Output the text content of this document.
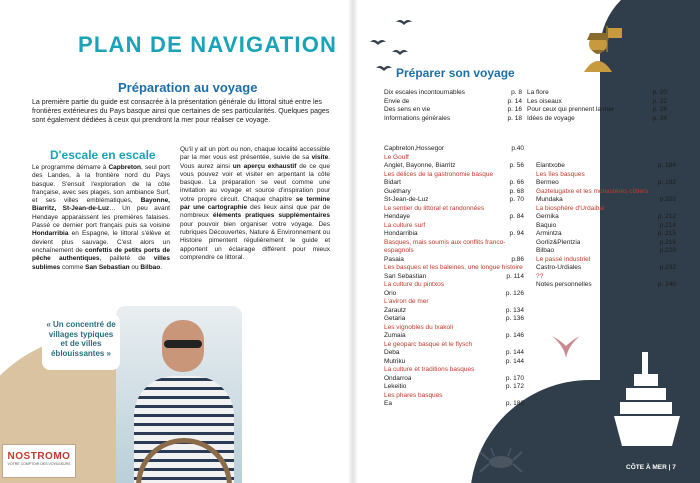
PLAN DE NAVIGATION
Préparation au voyage

La première partie du guide est consacrée à la présentation générale du littoral situé entre les frontières extérieures du Pays basque ainsi que certaines de ses particularités. Quelques pages sont également dédiées à ceux qui prendront la mer pour réaliser ce voyage.

D'escale en escale

Le programme démarre à Capbreton, seul port des Landes, à la frontière nord du Pays basque. S'ensuit l'exploration de la côte française, avec ses plages, son ambiance Surf, et ses villes emblématiques, Bayonne, Biarritz, St-Jean-de-Luz… Un peu avant Hendaye apparaissent les premières falaises. Passé ce dernier port français puis sa voisine Hondarribia en Espagne, le littoral s'élève et devient plus sauvage. C'est alors un enchaînement de confettis de petits ports de pêche authentiques, pailleté de villes sublimes comme San Sebastian ou Bilbao.

Qu'il y ait un port ou non, chaque localité accessible par la mer vous est présentée, suivie de sa visite. Vous aurez ainsi un aperçu exhaustif de ce que vous pouvez voir et visiter en arpentant la côte basque. La préparation se veut comme une invitation au voyage et source d'inspiration pour votre propre circuit. Chaque chapitre se termine par une cartographie des lieux ainsi que par de nombreux éléments pratiques supplémentaires pour pouvoir bien organiser votre voyage. Des rubriques Découvertes, Nature & Environnement ou Histoire pimentent régulièrement le guide et apportent un éclairage différent pour mieux comprendre ce littoral.

« Un concentré de villages typiques et de villes éblouissantes »
NOSTROMO
VOTRE COMPTOIR DES VOYAGEURS
Préparer son voyage
Dix escales incontournables	p. 8
Envie de	p. 14
Des sens en vie	p. 16
Informations générales	p. 18
Capbreton,Hossegor	p.40
Le Gouff
Anglet, Bayonne, Biarritz	p. 56
Les délices de la gastronomie basque
Bidart	p. 66
Guéthary	p. 68
St-Jean-de-Luz	p. 70
Le sentier du littoral et randonnées
Hendaye	p. 84
La culture surf
Hondarribia	p. 94
Basques, mais soumis aux conflits franco-espagnols
Pasaia	p.86
Les basques et les baleines, une longue histoire
San Sebastian	p. 114
La culture du pintxos
Orio	p. 126
L'aviron de mer
Zarautz	p. 134
Getaria	p. 136
Les vignobles du txakoli
Zumaia	p. 146
Le geoparc basque et le flysch
Deba	p. 144
Mutriku	p. 144
La culture et traditions basques
Ondarroa	p. 170
Lekeitio	p. 172
Les phares basques
Ea	p. 182
La flore	p. 20
Les oiseaux	p. 22
Pour ceux qui prennent la mer	p. 26
Idées de voyage	p. 34
Elantxobe	p. 184
Les îles basques
Bermeo	p. 192
Gaztelugatxe et les monastères côtiers
Mundaka	p.202
La biosphère d'Urdaibai
Gernika	p. 212
Baquio	p.214
Armintza	p. 215
Gorliz&Plentzia	p.216
Bilbao	p.220
Le passé industriel
Castro-Urdiales	p.232
??
Notes personnelles	p. 240

CÔTE À MER | 7
